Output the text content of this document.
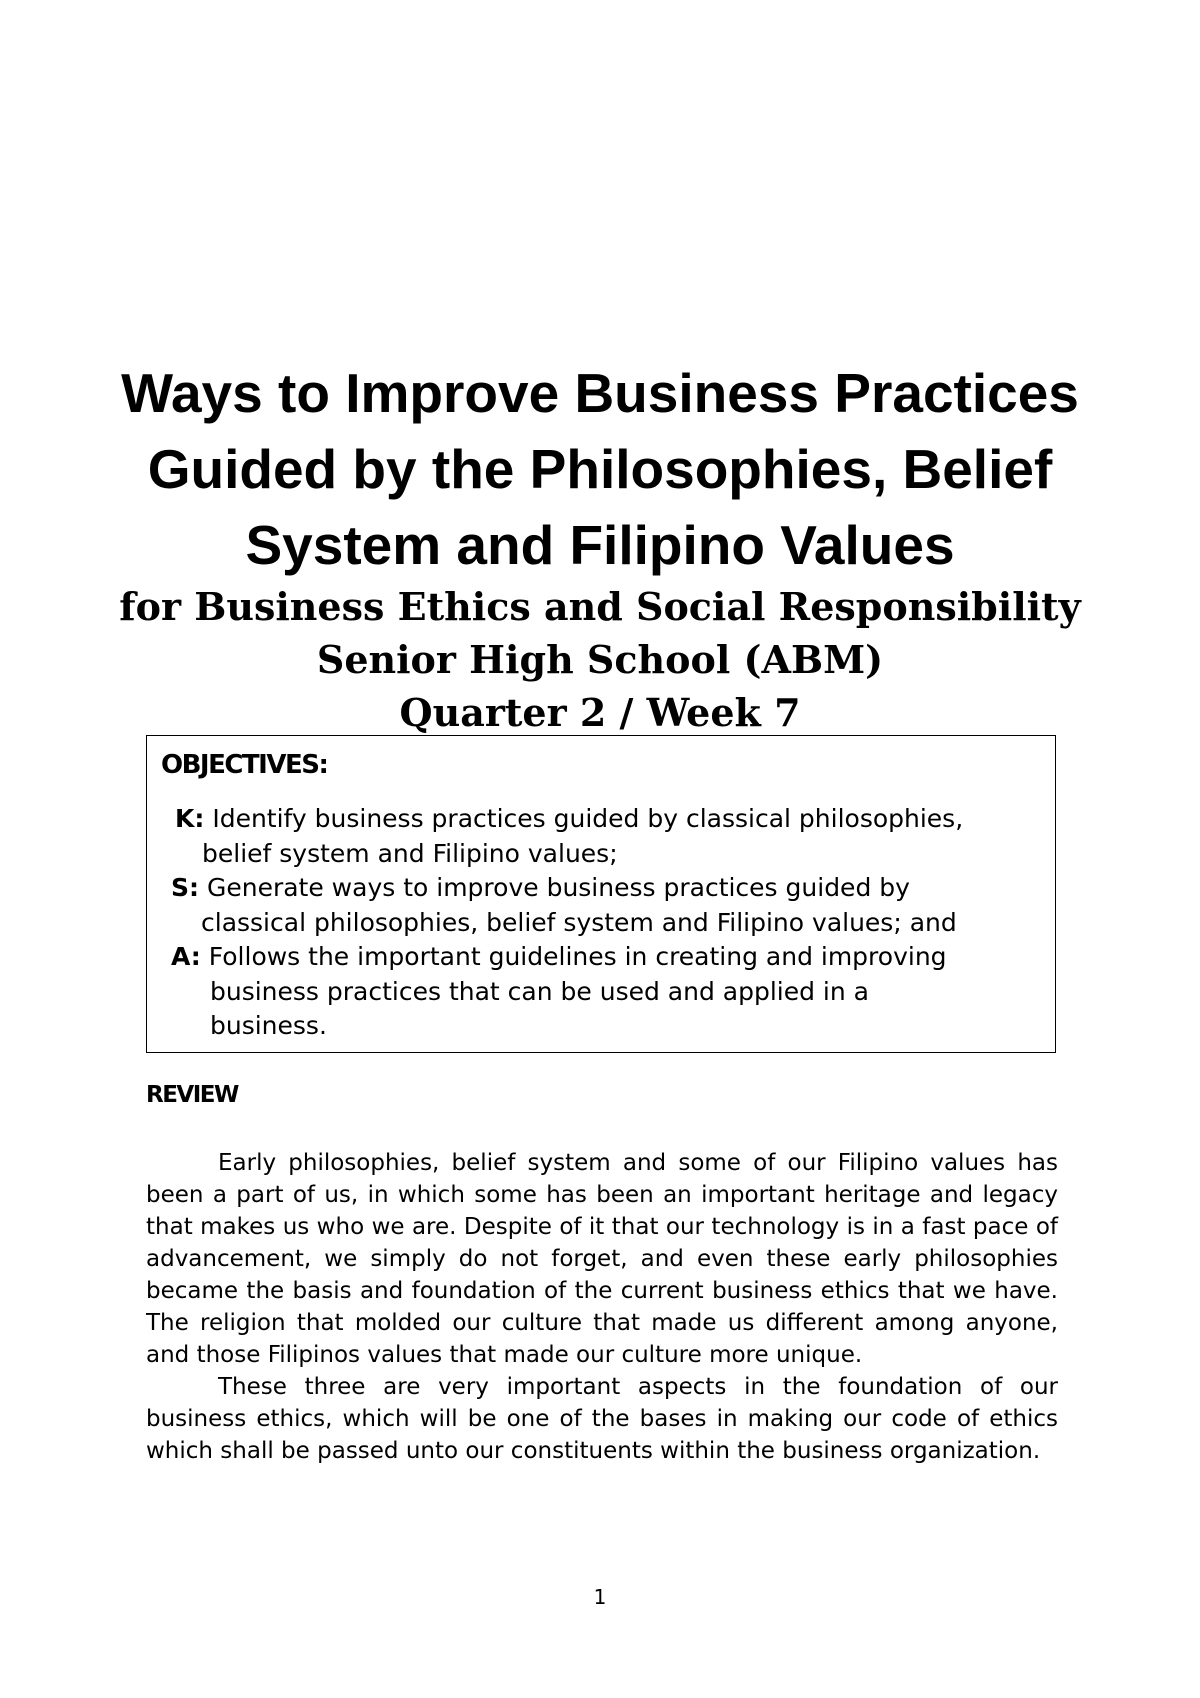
Ways to Improve Business Practices

Guided by the Philosophies, Belief

System and Filipino Values

for Business Ethics and Social Responsibility

Senior High School (ABM)

Quarter 2 / Week 7

OBJECTIVES:

K: Identify business practices guided by classical philosophies,

belief system and Filipino values;

S: Generate ways to improve business practices guided by

classical philosophies, belief system and Filipino values; and

A: Follows the important guidelines in creating and improving

business practices that can be used and applied in a

business.

REVIEW

Early philosophies, belief system and some of our Filipino values has been a part of us, in which some has been an important heritage and legacy that makes us who we are. Despite of it that our technology is in a fast pace of advancement, we simply do not forget, and even these early philosophies became the basis and foundation of the current business ethics that we have. The religion that molded our culture that made us different among anyone, and those Filipinos values that made our culture more unique.

These three are very important aspects in the foundation of our business ethics, which will be one of the bases in making our code of ethics which shall be passed unto our constituents within the business organization.

1
